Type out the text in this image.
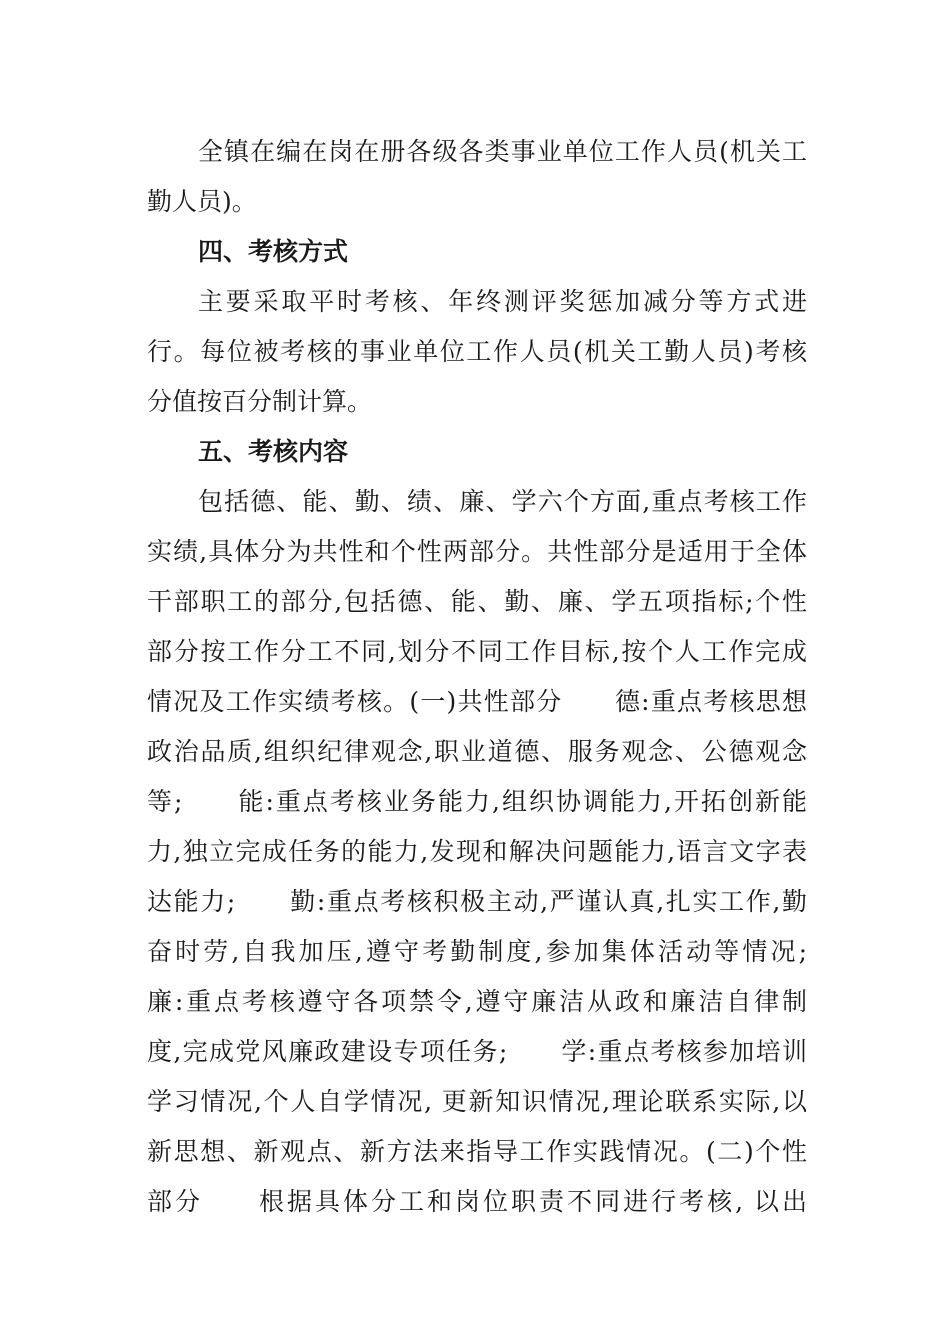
全镇在编在岗在册各级各类事业单位工作人员(机关工
勤人员)。
四、考核方式
主要采取平时考核、年终测评奖惩加减分等方式进
行。每位被考核的事业单位工作人员(机关工勤人员)考核
分值按百分制计算。
五、考核内容
包括德、能、勤、绩、廉、学六个方面,重点考核工作
实绩,具体分为共性和个性两部分。共性部分是适用于全体
干部职工的部分,包括德、能、勤、廉、学五项指标;个性
部分按工作分工不同,划分不同工作目标,按个人工作完成
情况及工作实绩考核。(一)共性部分　　德:重点考核思想
政治品质,组织纪律观念,职业道德、服务观念、公德观念
等;　　能:重点考核业务能力,组织协调能力,开拓创新能
力,独立完成任务的能力,发现和解决问题能力,语言文字表
达能力;　　勤:重点考核积极主动,严谨认真,扎实工作,勤
奋时劳,自我加压,遵守考勤制度,参加集体活动等情况;
廉:重点考核遵守各项禁令,遵守廉洁从政和廉洁自律制
度,完成党风廉政建设专项任务;　　学:重点考核参加培训
学习情况,个人自学情况, 更新知识情况,理论联系实际,以
新思想、新观点、新方法来指导工作实践情况。(二)个性
部分　　根据具体分工和岗位职责不同进行考核, 以出
